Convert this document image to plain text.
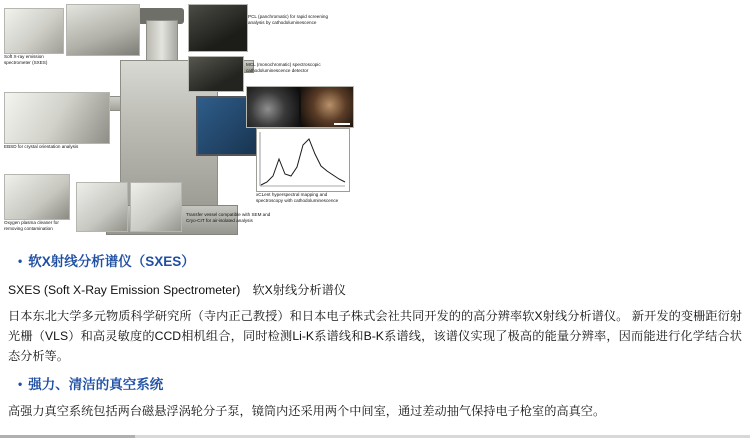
Soft X-ray emission spectrometer (SXES)
PCL (panchromatic) for rapid screening analysis by cathodoluminescence
MCL (monochromatic) spectroscopic cathodoluminescence detector
EBSD for crystal orientation analysis
Oxygen plasma cleaner for removing contamination
xCLent hyperspectral mapping and spectroscopy with cathodoluminescence
Transfer vessel compatible with SEM and Cryo-CIT for air-isolated analysis
• 软X射线分析谱仪（SXES）
SXES (Soft X-Ray Emission Spectrometer)　软X射线分析谱仪
日本东北大学多元物质科学研究所（寺内正己教授）和日本电子株式会社共同开发的的高分辨率软X射线分析谱仪。 新开发的变栅距衍射光栅（VLS）和高灵敏度的CCD相机组合，同时检测Li-K系谱线和B-K系谱线，该谱仪实现了极高的能量分辨率，因而能进行化学结合状态分析等。
• 强力、清洁的真空系统
高强力真空系统包括两台磁悬浮涡轮分子泵，镜筒内还采用两个中间室，通过差动抽气保持电子枪室的高真空。
